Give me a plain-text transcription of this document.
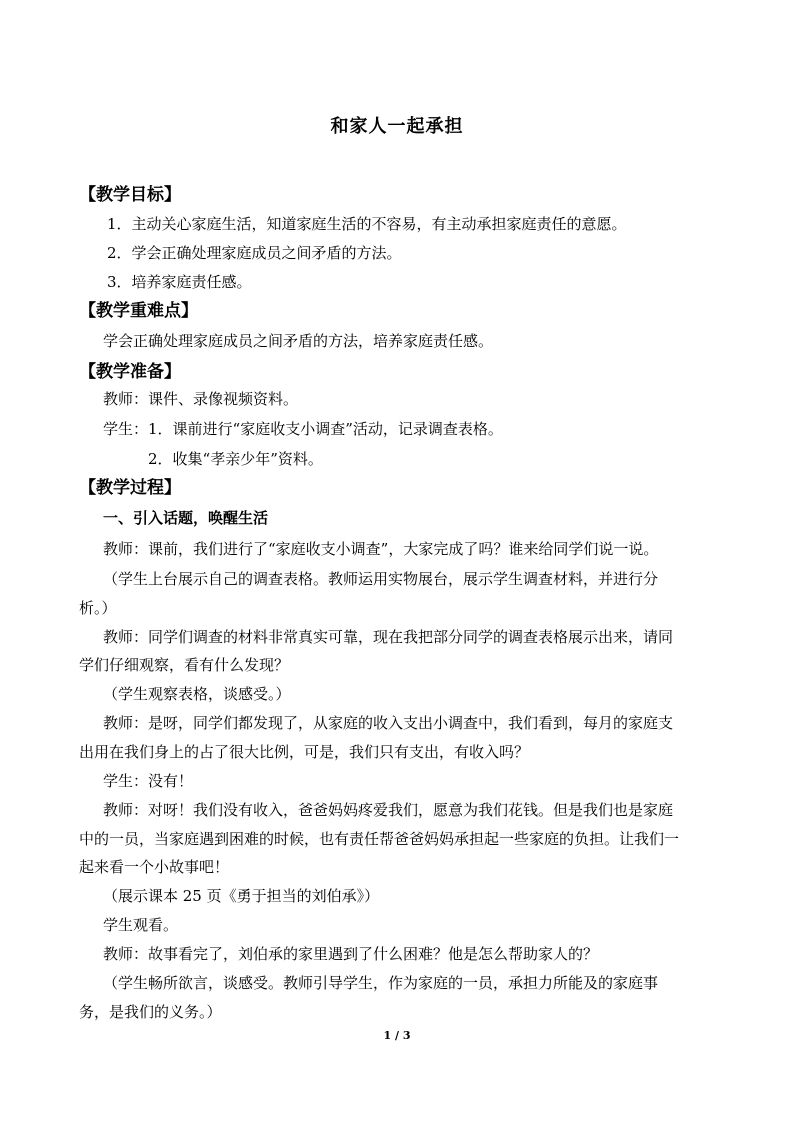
和家人一起承担
【教学目标】
1．主动关心家庭生活，知道家庭生活的不容易，有主动承担家庭责任的意愿。
2．学会正确处理家庭成员之间矛盾的方法。
3．培养家庭责任感。
【教学重难点】
学会正确处理家庭成员之间矛盾的方法，培养家庭责任感。
【教学准备】
教师：课件、录像视频资料。
学生：1．课前进行“家庭收支小调查”活动，记录调查表格。
2．收集“孝亲少年”资料。
【教学过程】
一、引入话题，唤醒生活
教师：课前，我们进行了“家庭收支小调查”，大家完成了吗？谁来给同学们说一说。
（学生上台展示自己的调查表格。教师运用实物展台，展示学生调查材料，并进行分
析。）
教师：同学们调查的材料非常真实可靠，现在我把部分同学的调查表格展示出来，请同
学们仔细观察，看有什么发现？
（学生观察表格，谈感受。）
教师：是呀，同学们都发现了，从家庭的收入支出小调查中，我们看到，每月的家庭支
出用在我们身上的占了很大比例，可是，我们只有支出，有收入吗？
学生：没有！
教师：对呀！我们没有收入，爸爸妈妈疼爱我们，愿意为我们花钱。但是我们也是家庭
中的一员，当家庭遇到困难的时候，也有责任帮爸爸妈妈承担起一些家庭的负担。让我们一
起来看一个小故事吧！
（展示课本 25 页《勇于担当的刘伯承》）
学生观看。
教师：故事看完了，刘伯承的家里遇到了什么困难？他是怎么帮助家人的？
（学生畅所欲言，谈感受。教师引导学生，作为家庭的一员，承担力所能及的家庭事
务，是我们的义务。）
1 / 3
